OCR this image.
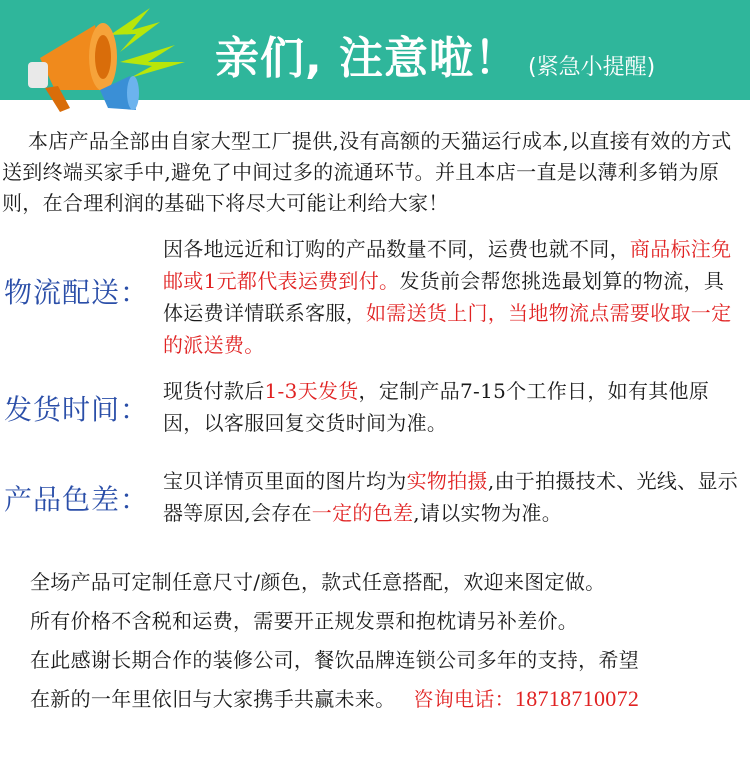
亲们, 注意啦！ (紧急小提醒)

本店产品全部由自家大型工厂提供,没有高额的天猫运行成本,以直接有效的方式送到终端买家手中,避免了中间过多的流通环节。并且本店一直是以薄利多销为原则，在合理利润的基础下将尽大可能让利给大家！

物流配送：

因各地远近和订购的产品数量不同，运费也就不同，商品标注免邮或1元都代表运费到付。发货前会帮您挑选最划算的物流，具体运费详情联系客服，如需送货上门，当地物流点需要收取一定的派送费。

发货时间：

现货付款后1-3天发货，定制产品7-15个工作日，如有其他原因，以客服回复交货时间为准。

产品色差：

宝贝详情页里面的图片均为实物拍摄,由于拍摄技术、光线、显示器等原因,会存在一定的色差,请以实物为准。

全场产品可定制任意尺寸/颜色，款式任意搭配，欢迎来图定做。

所有价格不含税和运费，需要开正规发票和抱枕请另补差价。

在此感谢长期合作的装修公司，餐饮品牌连锁公司多年的支持，希望

在新的一年里依旧与大家携手共赢未来。 咨询电话：18718710072
